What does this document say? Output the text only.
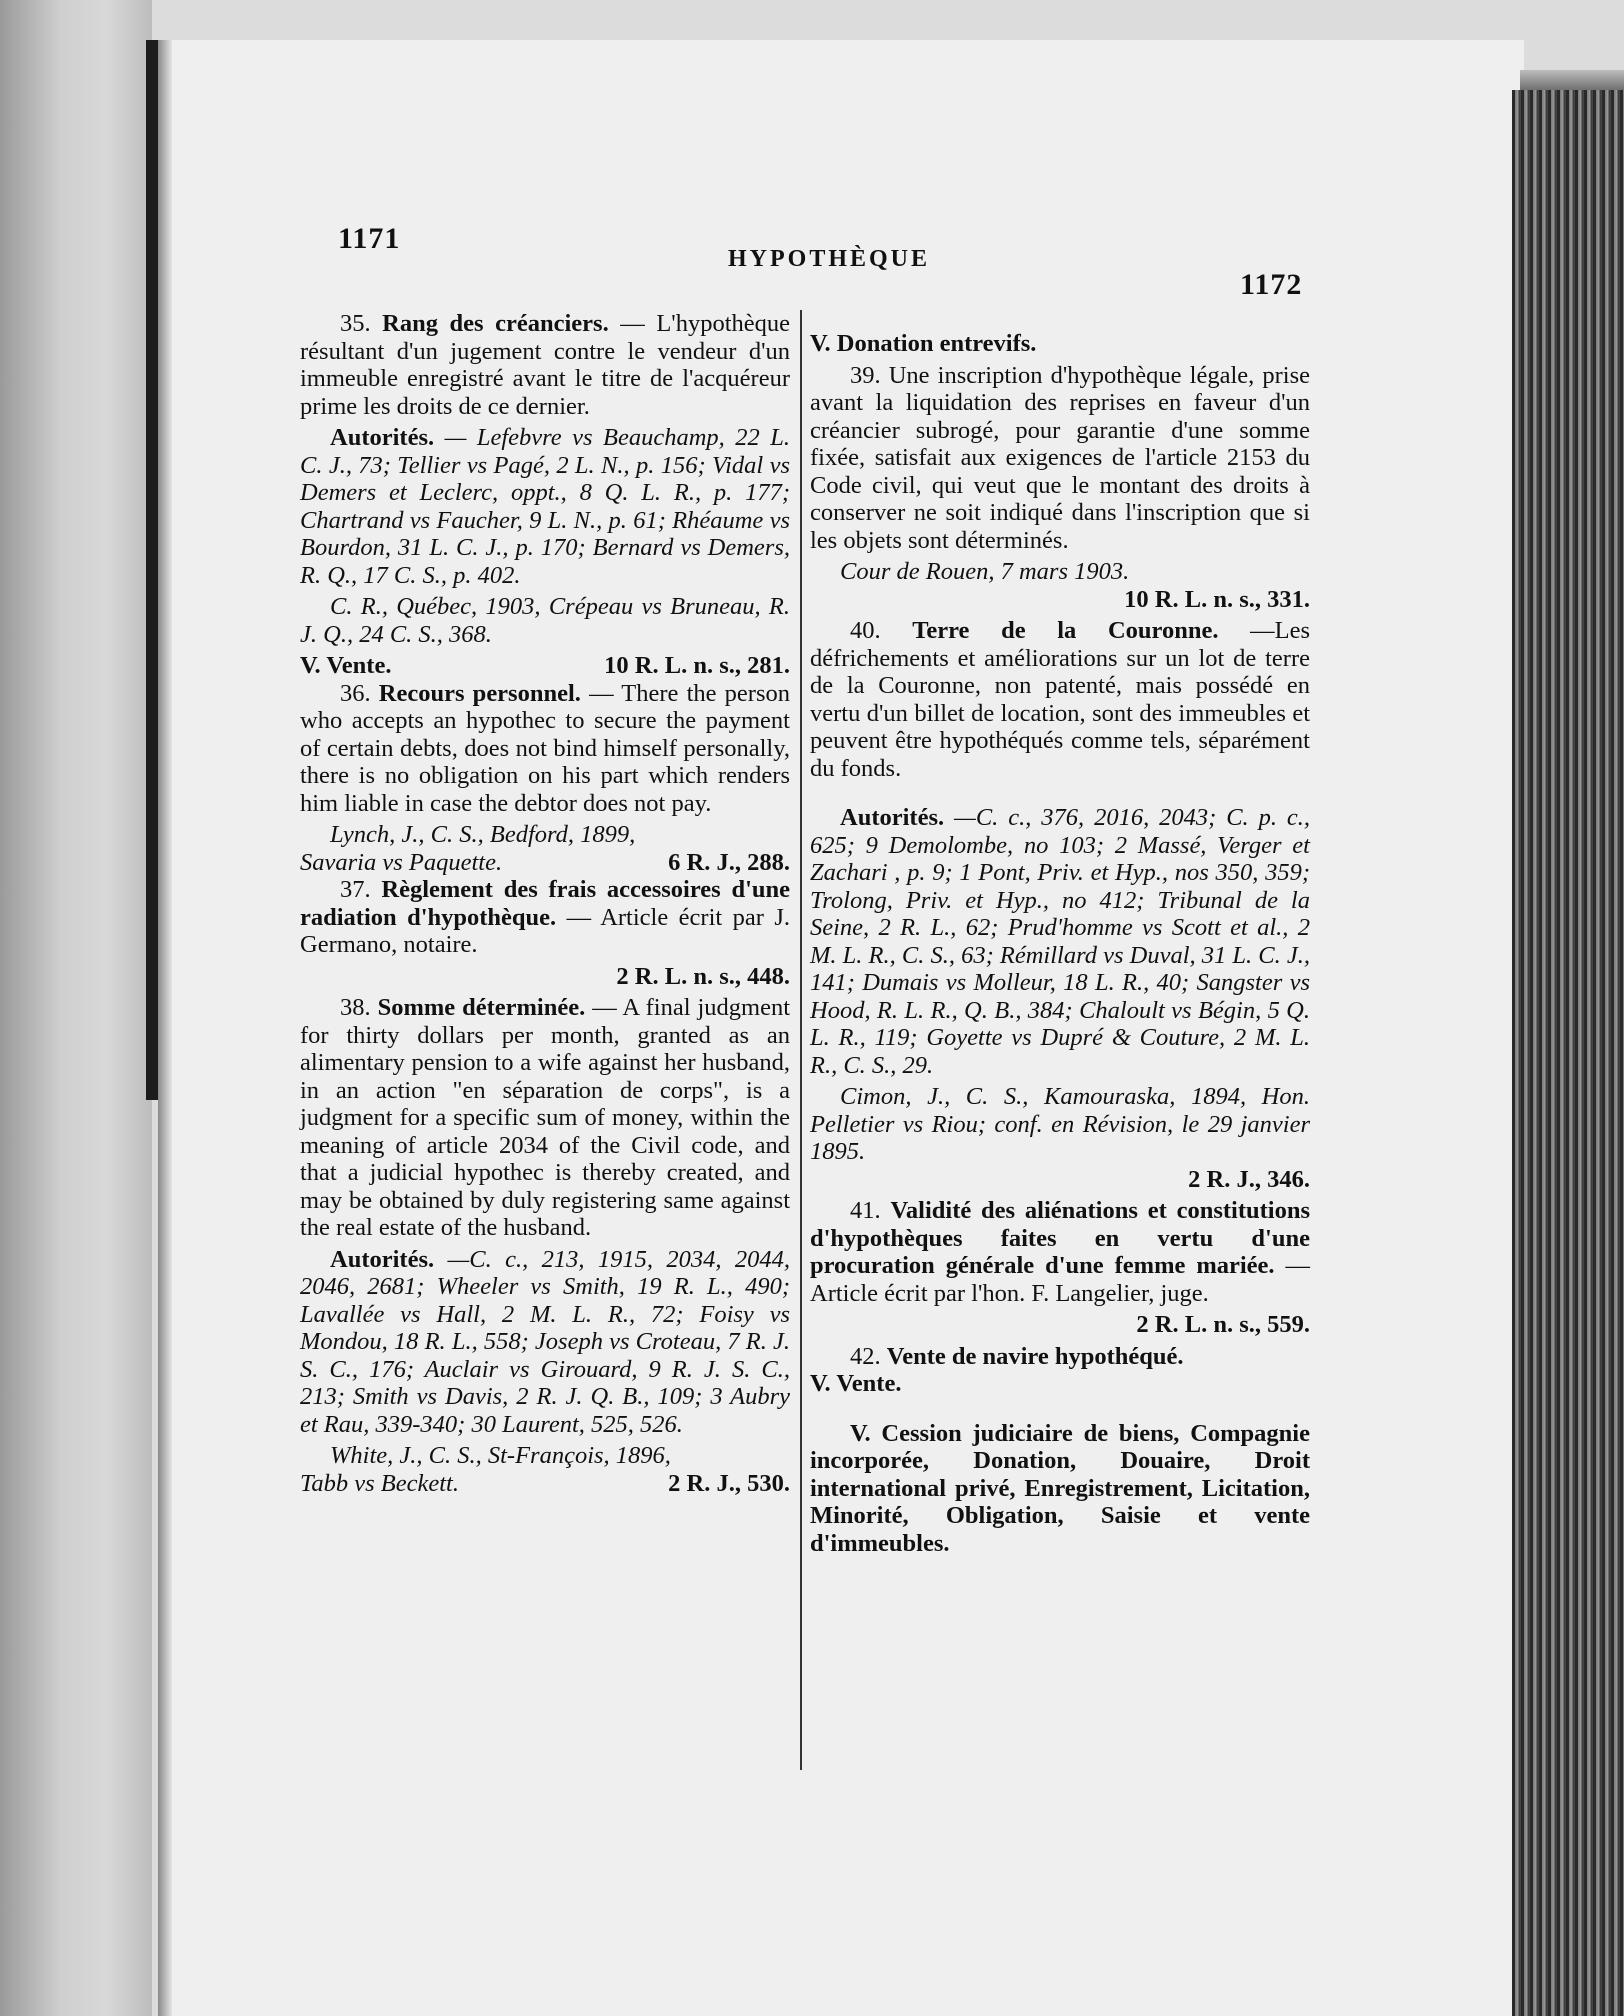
1171
HYPOTHÈQUE
1172

35. Rang des créanciers. — L'hypothèque résultant d'un jugement contre le vendeur d'un immeuble enregistré avant le titre de l'acquéreur prime les droits de ce dernier.

Autorités. — Lefebvre vs Beauchamp, 22 L. C. J., 73; Tellier vs Pagé, 2 L. N., p. 156; Vidal vs Demers et Leclerc, oppt., 8 Q. L. R., p. 177; Chartrand vs Faucher, 9 L. N., p. 61; Rhéaume vs Bourdon, 31 L. C. J., p. 170; Bernard vs Demers, R. Q., 17 C. S., p. 402.

C. R., Québec, 1903, Crépeau vs Bruneau, R. J. Q., 24 C. S., 368.

V. Vente.	10 R. L. n. s., 281.

36. Recours personnel. — There the person who accepts an hypothec to secure the payment of certain debts, does not bind himself personally, there is no obligation on his part which renders him liable in case the debtor does not pay.

Lynch, J., C. S., Bedford, 1899,

Savaria vs Paquette.	6 R. J., 288.

37. Règlement des frais accessoires d'une radiation d'hypothèque. — Article écrit par J. Germano, notaire.

2 R. L. n. s., 448.

38. Somme déterminée. — A final judgment for thirty dollars per month, granted as an alimentary pension to a wife against her husband, in an action "en séparation de corps", is a judgment for a specific sum of money, within the meaning of article 2034 of the Civil code, and that a judicial hypothec is thereby created, and may be obtained by duly registering same against the real estate of the husband.

Autorités. —C. c., 213, 1915, 2034, 2044, 2046, 2681; Wheeler vs Smith, 19 R. L., 490; Lavallée vs Hall, 2 M. L. R., 72; Foisy vs Mondou, 18 R. L., 558; Joseph vs Croteau, 7 R. J. S. C., 176; Auclair vs Girouard, 9 R. J. S. C., 213; Smith vs Davis, 2 R. J. Q. B., 109; 3 Aubry et Rau, 339-340; 30 Laurent, 525, 526.

White, J., C. S., St-François, 1896,

Tabb vs Beckett.	2 R. J., 530.

V. Donation entrevifs.

39. Une inscription d'hypothèque légale, prise avant la liquidation des reprises en faveur d'un créancier subrogé, pour garantie d'une somme fixée, satisfait aux exigences de l'article 2153 du Code civil, qui veut que le montant des droits à conserver ne soit indiqué dans l'inscription que si les objets sont déterminés.

Cour de Rouen, 7 mars 1903.

10 R. L. n. s., 331.

40. Terre de la Couronne. —Les défrichements et améliorations sur un lot de terre de la Couronne, non patenté, mais possédé en vertu d'un billet de location, sont des immeubles et peuvent être hypothéqués comme tels, séparément du fonds.

Autorités. —C. c., 376, 2016, 2043; C. p. c., 625; 9 Demolombe, no 103; 2 Massé, Verger et Zachari , p. 9; 1 Pont, Priv. et Hyp., nos 350, 359; Trolong, Priv. et Hyp., no 412; Tribunal de la Seine, 2 R. L., 62; Prud'homme vs Scott et al., 2 M. L. R., C. S., 63; Rémillard vs Duval, 31 L. C. J., 141; Dumais vs Molleur, 18 L. R., 40; Sangster vs Hood, R. L. R., Q. B., 384; Chaloult vs Bégin, 5 Q. L. R., 119; Goyette vs Dupré & Couture, 2 M. L. R., C. S., 29.

Cimon, J., C. S., Kamouraska, 1894, Hon. Pelletier vs Riou; conf. en Révision, le 29 janvier 1895.

2 R. J., 346.

41. Validité des aliénations et constitutions d'hypothèques faites en vertu d'une procuration générale d'une femme mariée. — Article écrit par l'hon. F. Langelier, juge.

2 R. L. n. s., 559.

42. Vente de navire hypothéqué.

V. Vente.

V. Cession judiciaire de biens, Compagnie incorporée, Donation, Douaire, Droit international privé, Enregistrement, Licitation, Minorité, Obligation, Saisie et vente d'immeubles.
